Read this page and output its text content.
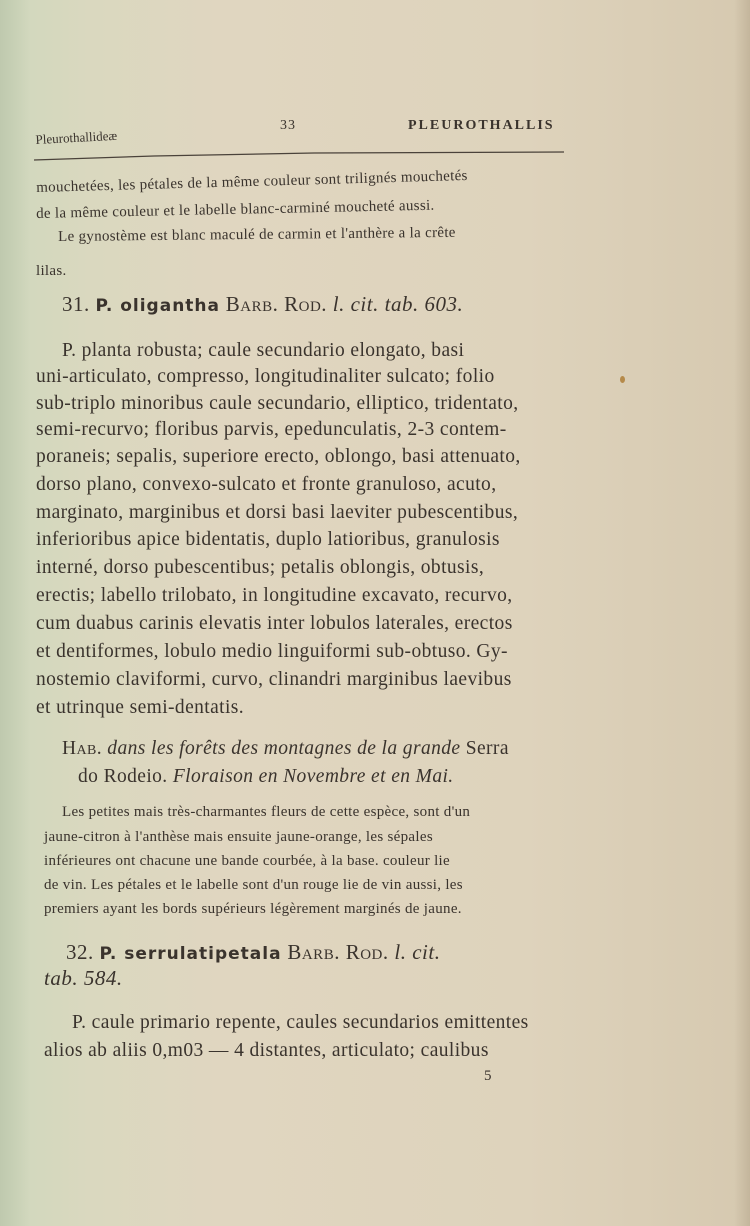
Pleurothallideæ
33	PLEUROTHALLIS
mouchetées, les pétales de la même couleur sont trilignés mouchetés
de la même couleur et le labelle blanc-carminé moucheté aussi.
Le gynostème est blanc maculé de carmin et l'anthère a la crête
lilas.
31. P. oligantha Barb. Rod. l. cit. tab. 603.
P. planta robusta; caule secundario elongato, basi
uni-articulato, compresso, longitudinaliter sulcato; folio
sub-triplo minoribus caule secundario, elliptico, tridentato,
semi-recurvo; floribus parvis, epedunculatis, 2-3 contem-
poraneis; sepalis, superiore erecto, oblongo, basi attenuato,
dorso plano, convexo-sulcato et fronte granuloso, acuto,
marginato, marginibus et dorsi basi laeviter pubescentibus,
inferioribus apice bidentatis, duplo latioribus, granulosis
interné, dorso pubescentibus; petalis oblongis, obtusis,
erectis; labello trilobato, in longitudine excavato, recurvo,
cum duabus carinis elevatis inter lobulos laterales, erectos
et dentiformes, lobulo medio linguiformi sub-obtuso. Gy-
nostemio claviformi, curvo, clinandri marginibus laevibus
et utrinque semi-dentatis.
Hab. dans les forêts des montagnes de la grande Serra
do Rodeio. Floraison en Novembre et en Mai.
Les petites mais très-charmantes fleurs de cette espèce, sont d'un
jaune-citron à l'anthèse mais ensuite jaune-orange, les sépales
inférieures ont chacune une bande courbée, à la base. couleur lie
de vin. Les pétales et le labelle sont d'un rouge lie de vin aussi, les
premiers ayant les bords supérieurs légèrement marginés de jaune.
32. P. serrulatipetala Barb. Rod. l. cit.
tab. 584.
P. caule primario repente, caules secundarios emittentes
alios ab aliis 0,m03 — 4 distantes, articulato; caulibus
5
